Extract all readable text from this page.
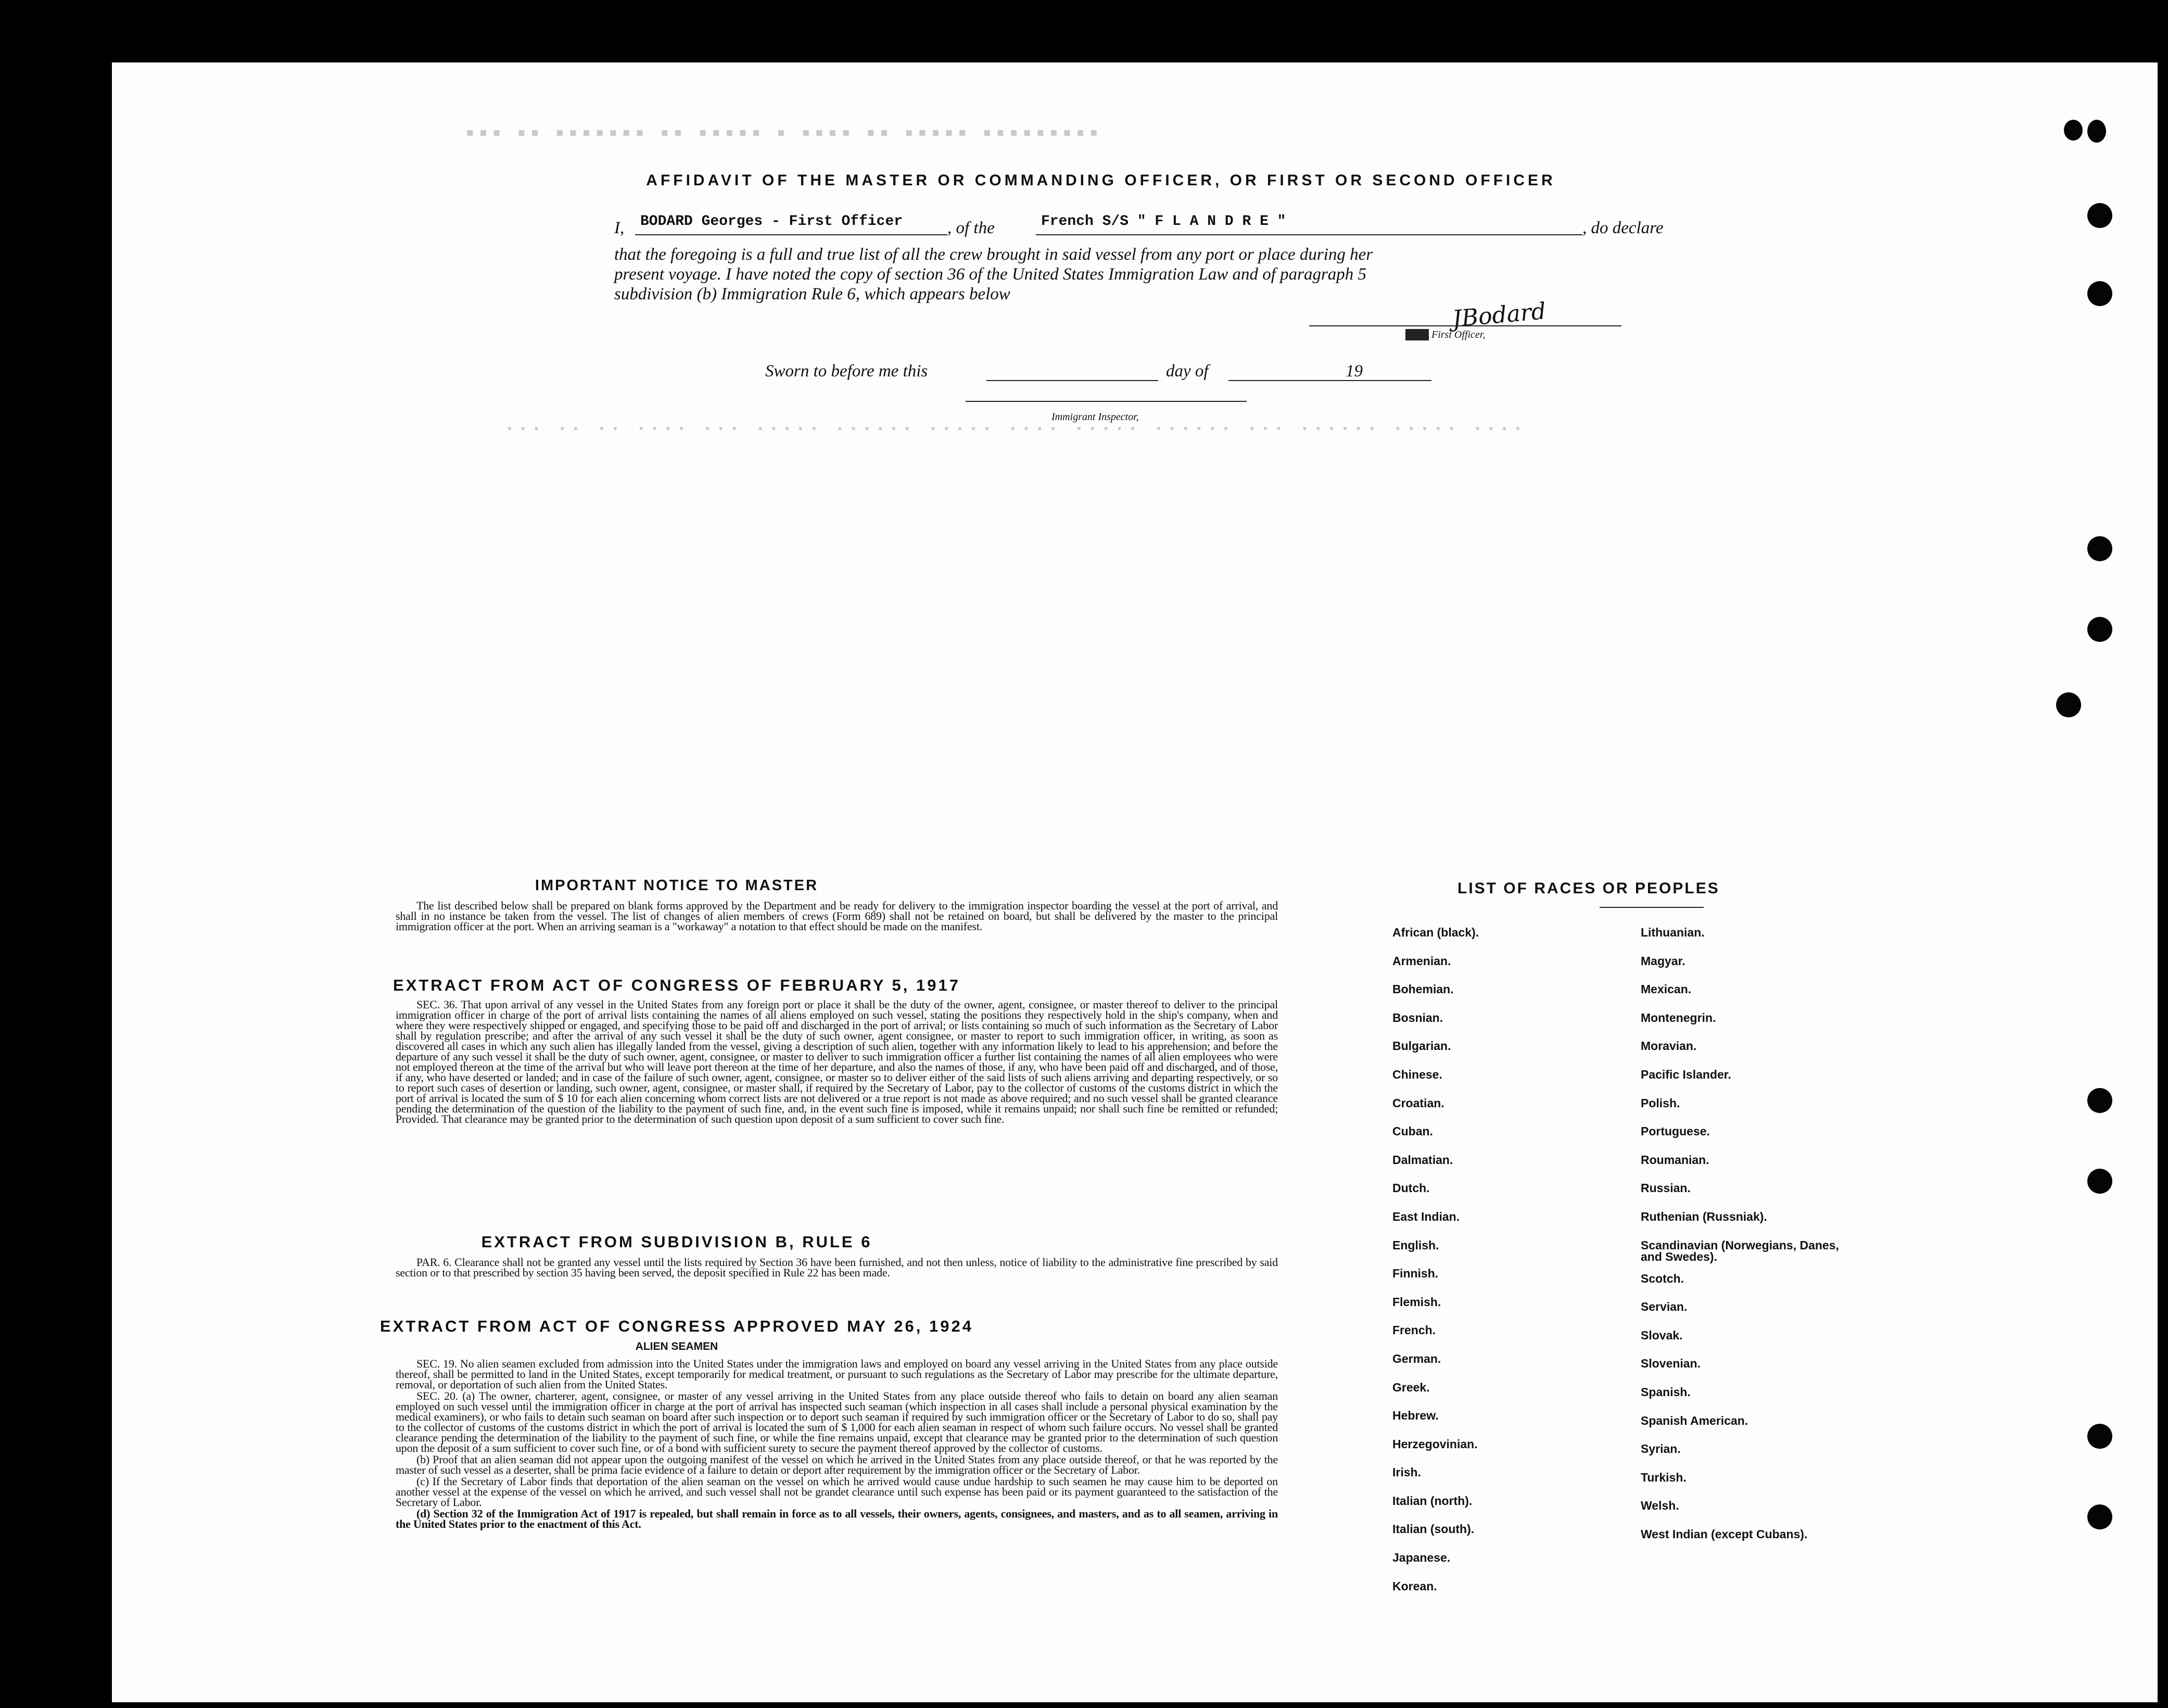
▪▪▪ ▪▪ ▪▪▪▪▪▪▪ ▪▪ ▪▪▪▪▪ ▪ ▪▪▪▪ ▪▪ ▪▪▪▪▪ ▪▪▪▪▪▪▪▪▪
▪▪▪ ▪▪ ▪▪ ▪▪▪▪ ▪▪▪ ▪▪▪▪▪ ▪▪▪▪▪▪ ▪▪▪▪▪ ▪▪▪▪ ▪▪▪▪▪ ▪▪▪▪▪▪ ▪▪▪ ▪▪▪▪▪▪ ▪▪▪▪▪ ▪▪▪▪
AFFIDAVIT OF THE MASTER OR COMMANDING OFFICER, OR FIRST OR SECOND OFFICER
I, BODARD Georges - First Officer	, of the	French S/S " F L A N D R E "	, do declare
that the foregoing is a full and true list of all the crew brought in said vessel from any port or place during her
present voyage. I have noted the copy of section 36 of the United States Immigration Law and of paragraph 5
subdivision (b) Immigration Rule 6, which appears below
JBodard
Mast. First Officer,
Sworn to before me this	day of	19
Immigrant Inspector,
IMPORTANT NOTICE TO MASTER

The list described below shall be prepared on blank forms approved by the Department and be ready for delivery to the immigration inspector boarding the vessel at the port of arrival, and shall in no instance be taken from the vessel. The list of changes of alien members of crews (Form 689) shall not be retained on board, but shall be delivered by the master to the principal immigration officer at the port. When an arriving seaman is a "workaway" a notation to that effect should be made on the manifest.

EXTRACT FROM ACT OF CONGRESS OF FEBRUARY 5, 1917

SEC. 36. That upon arrival of any vessel in the United States from any foreign port or place it shall be the duty of the owner, agent, consignee, or master thereof to deliver to the principal immigration officer in charge of the port of arrival lists containing the names of all aliens employed on such vessel, stating the positions they respectively hold in the ship's company, when and where they were respectively shipped or engaged, and specifying those to be paid off and discharged in the port of arrival; or lists containing so much of such information as the Secretary of Labor shall by regulation prescribe; and after the arrival of any such vessel it shall be the duty of such owner, agent consignee, or master to report to such immigration officer, in writing, as soon as discovered all cases in which any such alien has illegally landed from the vessel, giving a description of such alien, together with any information likely to lead to his apprehension; and before the departure of any such vessel it shall be the duty of such owner, agent, consignee, or master to deliver to such immigration officer a further list containing the names of all alien employees who were not employed thereon at the time of the arrival but who will leave port thereon at the time of her departure, and also the names of those, if any, who have been paid off and discharged, and of those, if any, who have deserted or landed; and in case of the failure of such owner, agent, consignee, or master so to deliver either of the said lists of such aliens arriving and departing respectively, or so to report such cases of desertion or landing, such owner, agent, consignee, or master shall, if required by the Secretary of Labor, pay to the collector of customs of the customs district in which the port of arrival is located the sum of $ 10 for each alien concerning whom correct lists are not delivered or a true report is not made as above required; and no such vessel shall be granted clearance pending the determination of the question of the liability to the payment of such fine, and, in the event such fine is imposed, while it remains unpaid; nor shall such fine be remitted or refunded; Provided. That clearance may be granted prior to the determination of such question upon deposit of a sum sufficient to cover such fine.

EXTRACT FROM SUBDIVISION B, RULE 6

PAR. 6. Clearance shall not be granted any vessel until the lists required by Section 36 have been furnished, and not then unless, notice of liability to the administrative fine prescribed by said section or to that prescribed by section 35 having been served, the deposit specified in Rule 22 has been made.

EXTRACT FROM ACT OF CONGRESS APPROVED MAY 26, 1924
ALIEN SEAMEN

SEC. 19. No alien seamen excluded from admission into the United States under the immigration laws and employed on board any vessel arriving in the United States from any place outside thereof, shall be permitted to land in the United States, except temporarily for medical treatment, or pursuant to such regulations as the Secretary of Labor may prescribe for the ultimate departure, removal, or deportation of such alien from the United States.

SEC. 20. (a) The owner, charterer, agent, consignee, or master of any vessel arriving in the United States from any place outside thereof who fails to detain on board any alien seaman employed on such vessel until the immigration officer in charge at the port of arrival has inspected such seaman (which inspection in all cases shall include a personal physical examination by the medical examiners), or who fails to detain such seaman on board after such inspection or to deport such seaman if required by such immigration officer or the Secretary of Labor to do so, shall pay to the collector of customs of the customs district in which the port of arrival is located the sum of $ 1,000 for each alien seaman in respect of whom such failure occurs. No vessel shall be granted clearance pending the determination of the liability to the payment of such fine, or while the fine remains unpaid, except that clearance may be granted prior to the determination of such question upon the deposit of a sum sufficient to cover such fine, or of a bond with sufficient surety to secure the payment thereof approved by the collector of customs.

(b) Proof that an alien seaman did not appear upon the outgoing manifest of the vessel on which he arrived in the United States from any place outside thereof, or that he was reported by the master of such vessel as a deserter, shall be prima facie evidence of a failure to detain or deport after requirement by the immigration officer or the Secretary of Labor.

(c) If the Secretary of Labor finds that deportation of the alien seaman on the vessel on which he arrived would cause undue hardship to such seamen he may cause him to be deported on another vessel at the expense of the vessel on which he arrived, and such vessel shall not be grandet clearance until such expense has been paid or its payment guaranteed to the satisfaction of the Secretary of Labor.

(d) Section 32 of the Immigration Act of 1917 is repealed, but shall remain in force as to all vessels, their owners, agents, consignees, and masters, and as to all seamen, arriving in the United States prior to the enactment of this Act.

LIST OF RACES OR PEOPLES
African (black).
Armenian.
Bohemian.
Bosnian.
Bulgarian.
Chinese.
Croatian.
Cuban.
Dalmatian.
Dutch.
East Indian.
English.
Finnish.
Flemish.
French.
German.
Greek.
Hebrew.
Herzegovinian.
Irish.
Italian (north).
Italian (south).
Japanese.
Korean.
Lithuanian.
Magyar.
Mexican.
Montenegrin.
Moravian.
Pacific Islander.
Polish.
Portuguese.
Roumanian.
Russian.
Ruthenian (Russniak).
Scandinavian (Norwegians, Danes, and Swedes).
Scotch.
Servian.
Slovak.
Slovenian.
Spanish.
Spanish American.
Syrian.
Turkish.
Welsh.
West Indian (except Cubans).
